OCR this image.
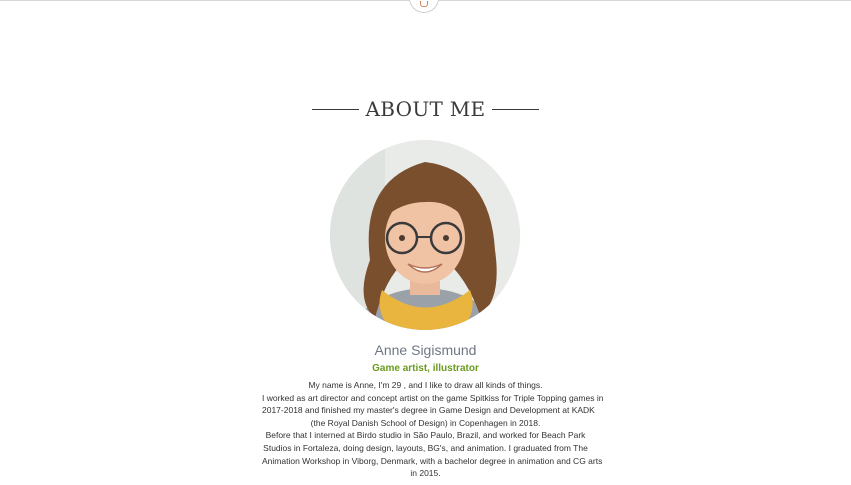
ABOUT ME
Anne Sigismund
Game artist, illustrator
My name is Anne, I'm 29 , and I like to draw all kinds of things.
I worked as art director and concept artist on the game Spitkiss for Triple Topping games in
2017-2018 and finished my master's degree in Game Design and Development at KADK
(the Royal Danish School of Design) in Copenhagen in 2018.
Before that I interned at Birdo studio in São Paulo, Brazil, and worked for Beach Park
Studios in Fortaleza, doing design, layouts, BG's, and animation. I graduated from The
Animation Workshop in Viborg, Denmark, with a bachelor degree in animation and CG arts
in 2015.
